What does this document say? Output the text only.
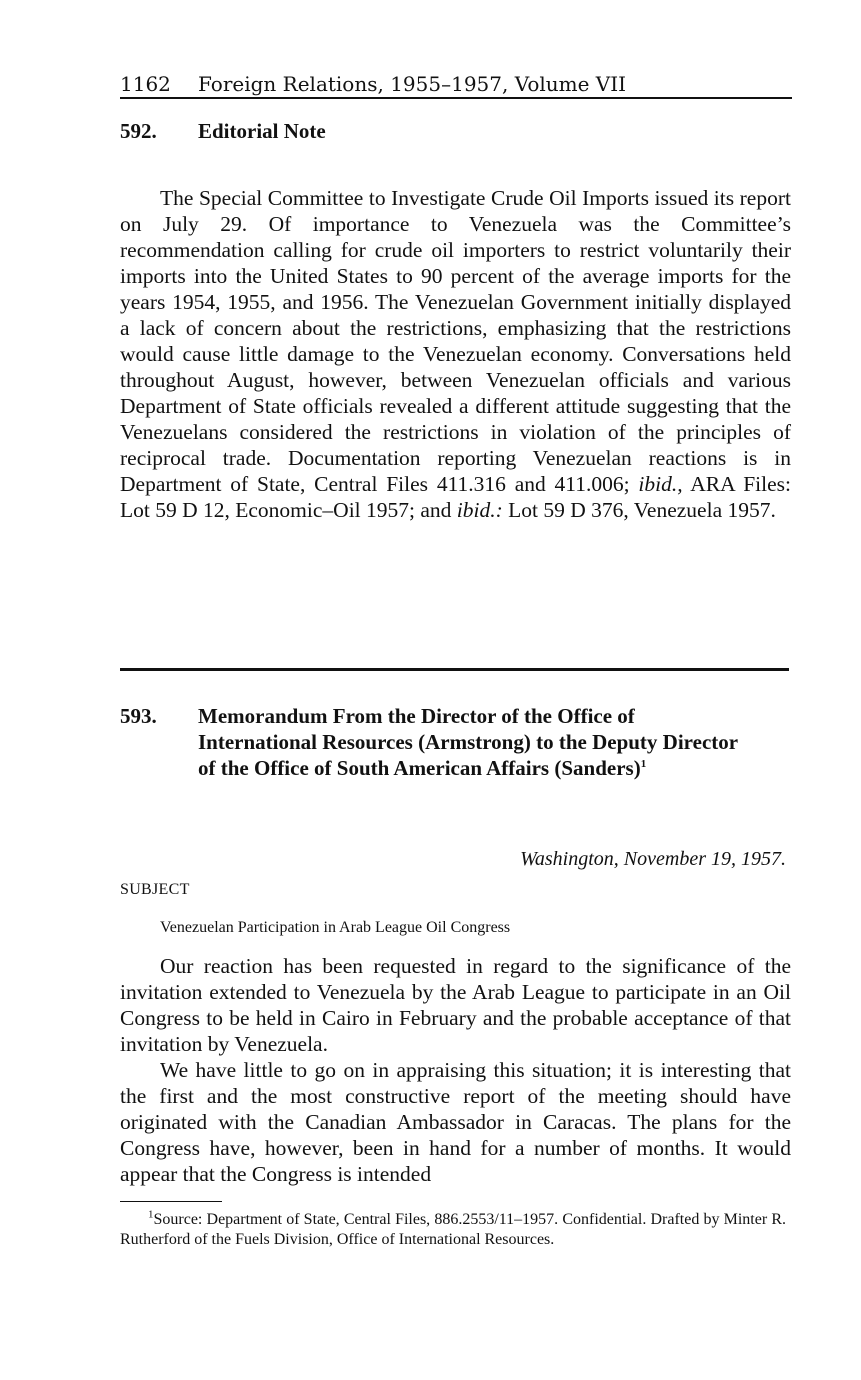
1162 Foreign Relations, 1955–1957, Volume VII
592. Editorial Note

The Special Committee to Investigate Crude Oil Imports issued its report on July 29. Of importance to Venezuela was the Committee’s recommendation calling for crude oil importers to restrict voluntarily their imports into the United States to 90 percent of the average imports for the years 1954, 1955, and 1956. The Venezuelan Government initially displayed a lack of concern about the restrictions, emphasizing that the restrictions would cause little damage to the Venezuelan economy. Conversations held throughout August, however, between Venezuelan officials and various Department of State officials revealed a different attitude suggesting that the Venezuelans considered the restrictions in violation of the principles of reciprocal trade. Documentation reporting Venezuelan reactions is in Department of State, Central Files 411.316 and 411.006; ibid., ARA Files: Lot 59 D 12, Economic–Oil 1957; and ibid.: Lot 59 D 376, Venezuela 1957.

593. Memorandum From the Director of the Office of International Resources (Armstrong) to the Deputy Director of the Office of South American Affairs (Sanders)$^1$
Washington, November 19, 1957.
SUBJECT
Venezuelan Participation in Arab League Oil Congress

Our reaction has been requested in regard to the significance of the invitation extended to Venezuela by the Arab League to participate in an Oil Congress to be held in Cairo in February and the probable acceptance of that invitation by Venezuela.

We have little to go on in appraising this situation; it is interesting that the first and the most constructive report of the meeting should have originated with the Canadian Ambassador in Caracas. The plans for the Congress have, however, been in hand for a number of months. It would appear that the Congress is intended

$^1$Source: Department of State, Central Files, 886.2553/11–1957. Confidential. Drafted by Minter R. Rutherford of the Fuels Division, Office of International Resources.
